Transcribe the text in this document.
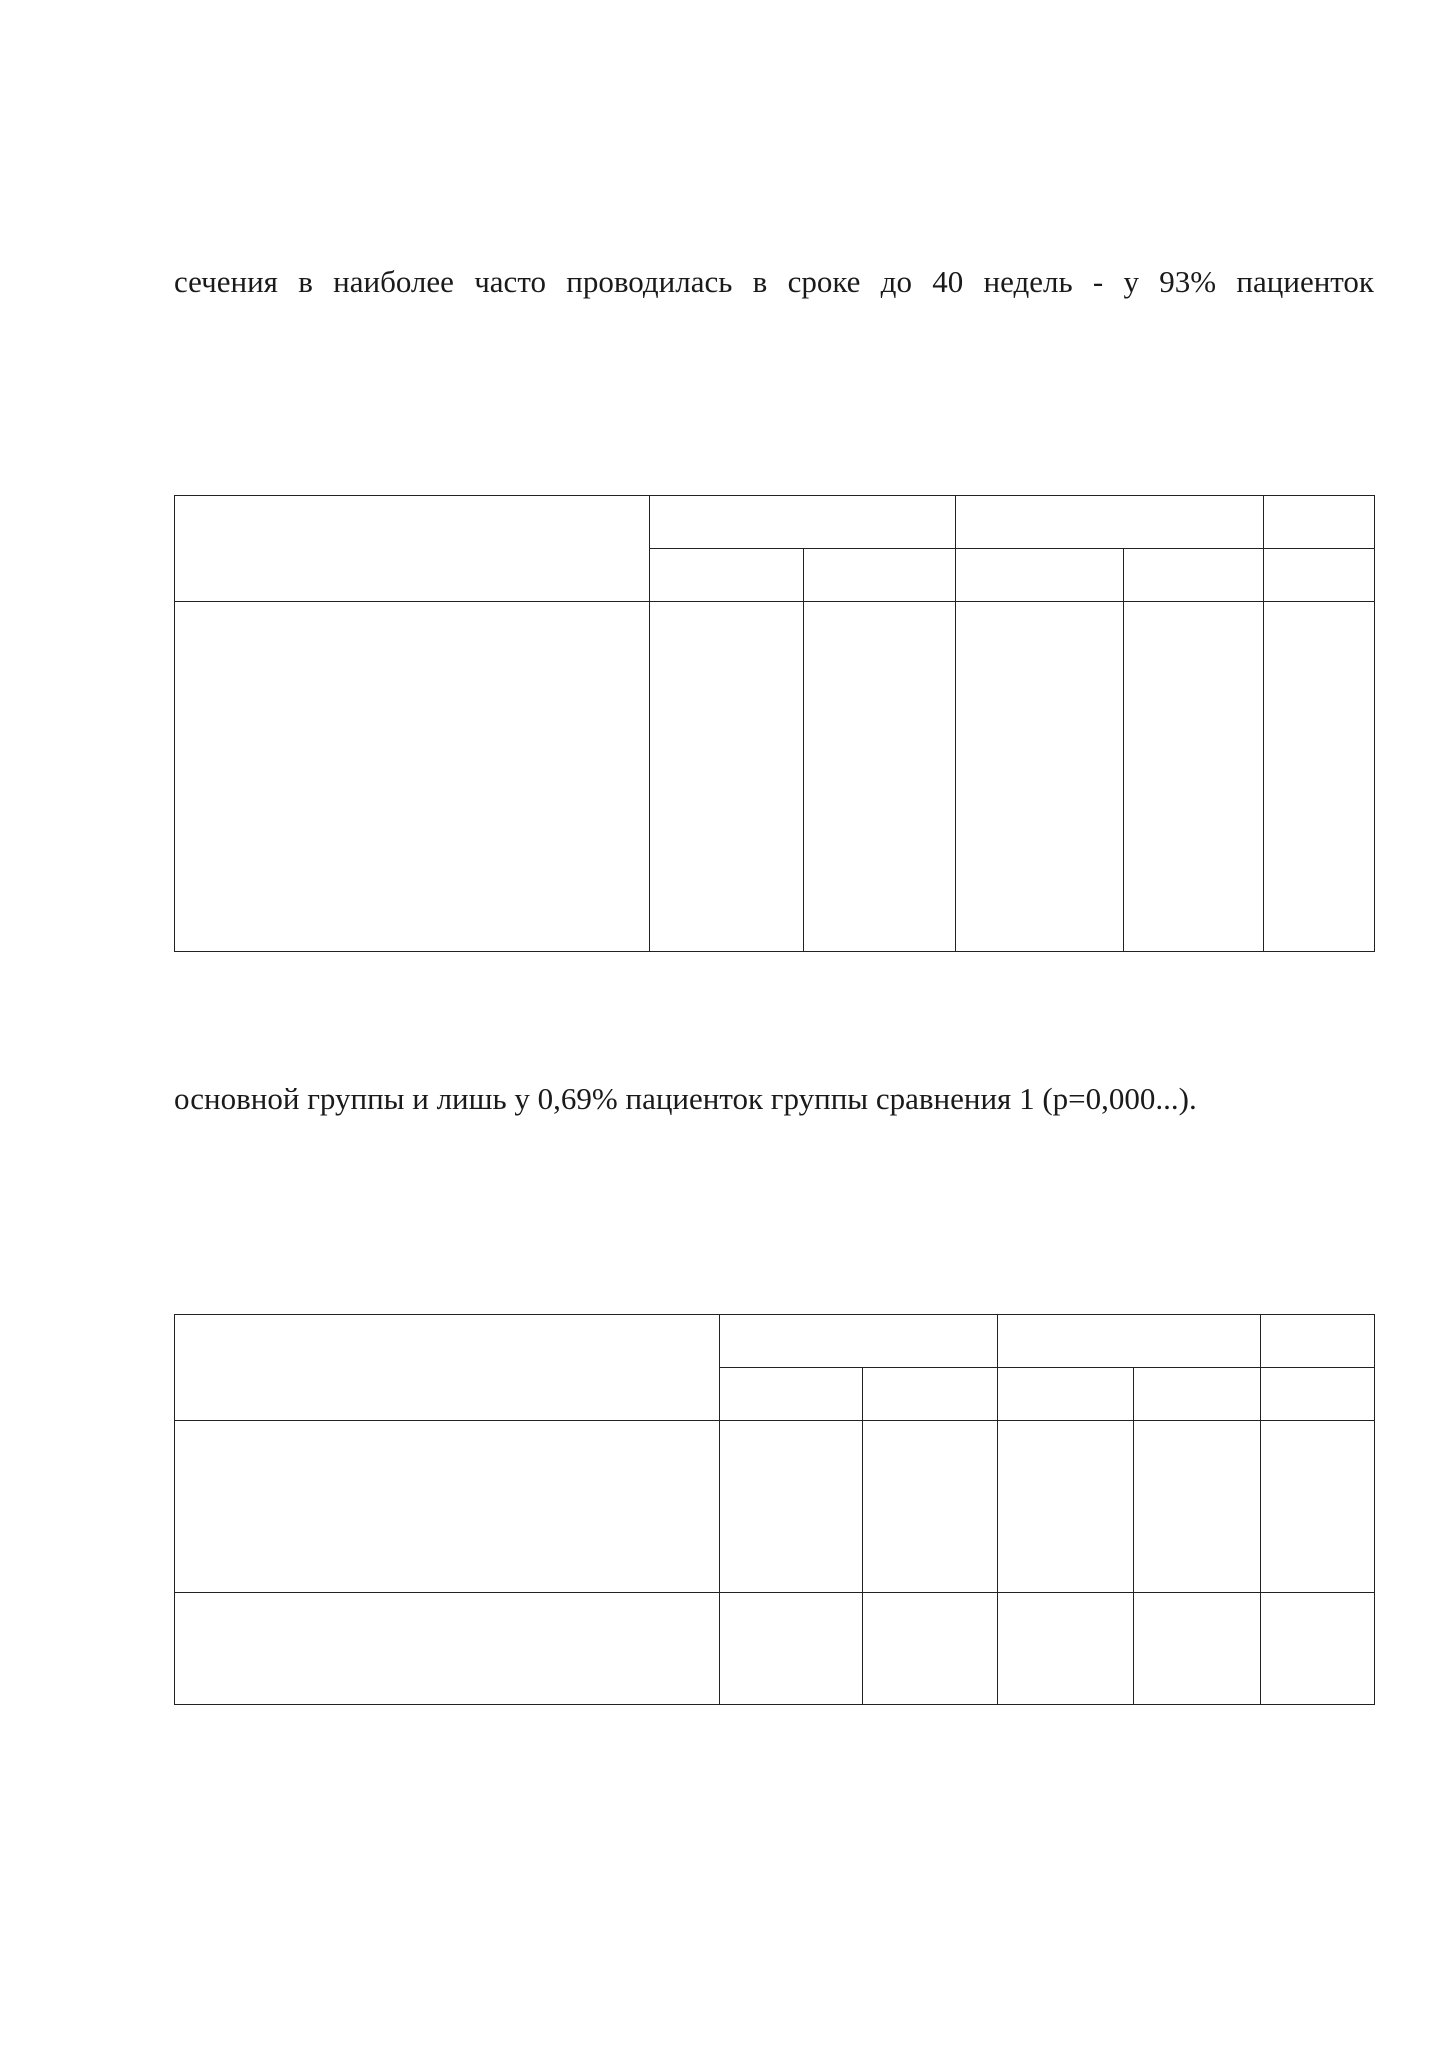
сечения в наиболее часто проводилась в сроке до 40 недель - у 93% пациенток

основной группы и лишь у 0,69% пациенток группы сравнения 1 (р=0,000...).
